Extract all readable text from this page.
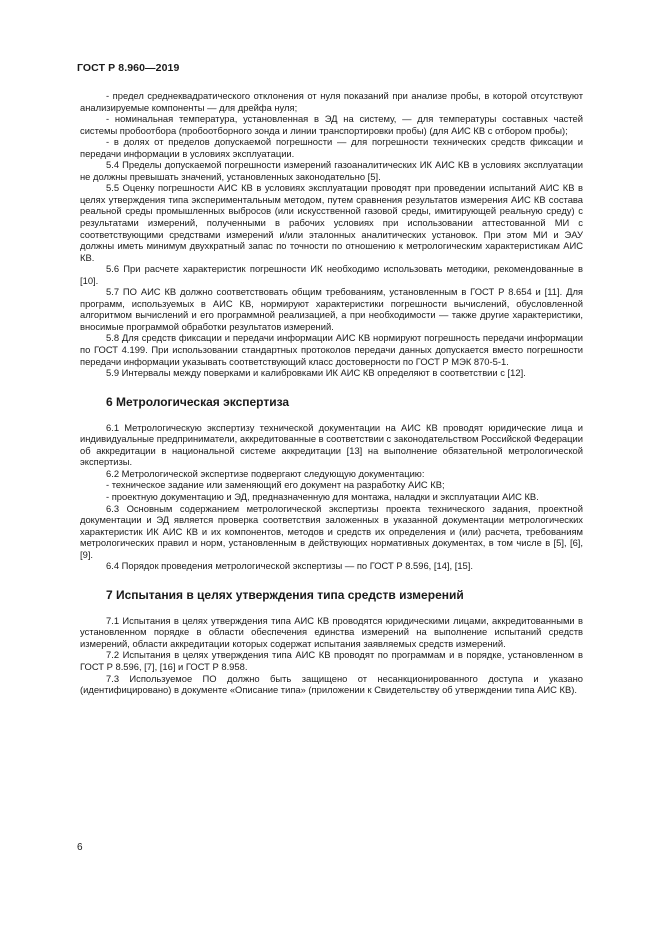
ГОСТ Р 8.960—2019

- предел среднеквадратического отклонения от нуля показаний при анализе пробы, в которой отсутствуют анализируемые компоненты — для дрейфа нуля;

- номинальная температура, установленная в ЭД на систему, — для температуры составных частей системы пробоотбора (пробоотборного зонда и линии транспортировки пробы) (для АИС КВ с отбором пробы);

- в долях от пределов допускаемой погрешности — для погрешности технических средств фиксации и передачи информации в условиях эксплуатации.

5.4 Пределы допускаемой погрешности измерений газоаналитических ИК АИС КВ в условиях эксплуатации не должны превышать значений, установленных законодательно [5].

5.5 Оценку погрешности АИС КВ в условиях эксплуатации проводят при проведении испытаний АИС КВ в целях утверждения типа экспериментальным методом, путем сравнения результатов измерения АИС КВ состава реальной среды промышленных выбросов (или искусственной газовой среды, имитирующей реальную среду) с результатами измерений, полученными в рабочих условиях при использовании аттестованной МИ с соответствующими средствами измерений и/или эталонных аналитических установок. При этом МИ и ЭАУ должны иметь минимум двухкратный запас по точности по отношению к метрологическим характеристикам АИС КВ.

5.6 При расчете характеристик погрешности ИК необходимо использовать методики, рекомендованные в [10].

5.7 ПО АИС КВ должно соответствовать общим требованиям, установленным в ГОСТ Р 8.654 и [11]. Для программ, используемых в АИС КВ, нормируют характеристики погрешности вычислений, обусловленной алгоритмом вычислений и его программной реализацией, а при необходимости — также другие характеристики, вносимые программой обработки результатов измерений.

5.8 Для средств фиксации и передачи информации АИС КВ нормируют погрешность передачи информации по ГОСТ 4.199. При использовании стандартных протоколов передачи данных допускается вместо погрешности передачи информации указывать соответствующий класс достоверности по ГОСТ Р МЭК 870-5-1.

5.9 Интервалы между поверками и калибровками ИК АИС КВ определяют в соответствии с [12].

6 Метрологическая экспертиза

6.1 Метрологическую экспертизу технической документации на АИС КВ проводят юридические лица и индивидуальные предприниматели, аккредитованные в соответствии с законодательством Российской Федерации об аккредитации в национальной системе аккредитации [13] на выполнение обязательной метрологической экспертизы.

6.2 Метрологической экспертизе подвергают следующую документацию:

- техническое задание или заменяющий его документ на разработку АИС КВ;

- проектную документацию и ЭД, предназначенную для монтажа, наладки и эксплуатации АИС КВ.

6.3 Основным содержанием метрологической экспертизы проекта технического задания, проектной документации и ЭД является проверка соответствия заложенных в указанной документации метрологических характеристик ИК АИС КВ и их компонентов, методов и средств их определения и (или) расчета, требованиям метрологических правил и норм, установленным в действующих нормативных документах, в том числе в [5], [6], [9].

6.4 Порядок проведения метрологической экспертизы — по ГОСТ Р 8.596, [14], [15].

7 Испытания в целях утверждения типа средств измерений

7.1 Испытания в целях утверждения типа АИС КВ проводятся юридическими лицами, аккредитованными в установленном порядке в области обеспечения единства измерений на выполнение испытаний средств измерений, области аккредитации которых содержат испытания заявляемых средств измерений.

7.2 Испытания в целях утверждения типа АИС КВ проводят по программам и в порядке, установленном в ГОСТ Р 8.596, [7], [16] и ГОСТ Р 8.958.

7.3 Используемое ПО должно быть защищено от несанкционированного доступа и указано (идентифицировано) в документе «Описание типа» (приложении к Свидетельству об утверждении типа АИС КВ).

6
